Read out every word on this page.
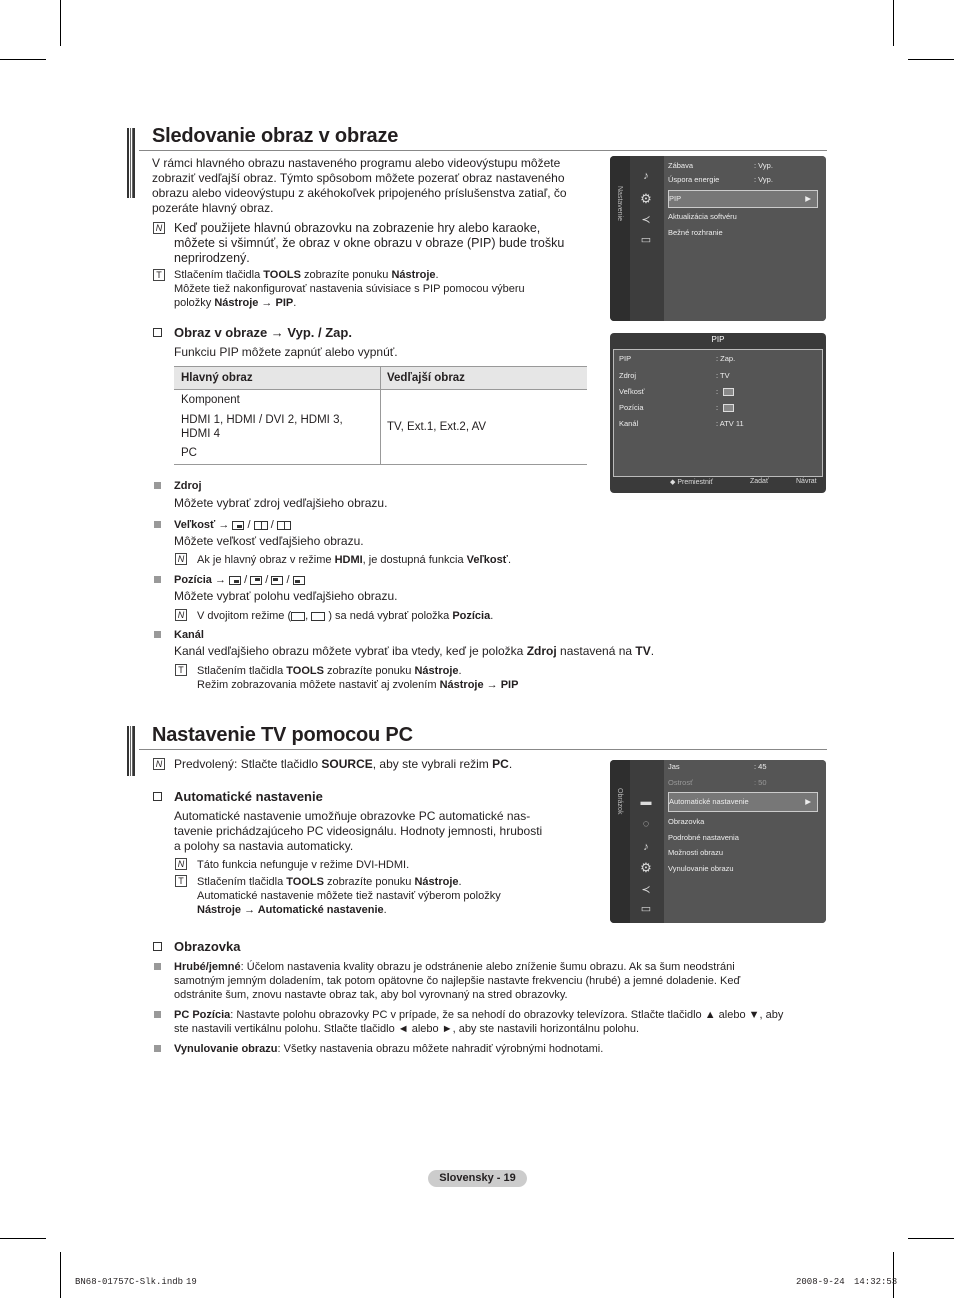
Sledovanie obraz v obraze
V rámci hlavného obrazu nastaveného programu alebo videovýstupu môžete
zobraziť vedľajší obraz. Týmto spôsobom môžete pozerať obraz nastaveného
obrazu alebo videovýstupu z akéhokoľvek pripojeného príslušenstva zatiaľ, čo
pozeráte hlavný obraz.
N Keď použijete hlavnú obrazovku na zobrazenie hry alebo karaoke,
môžete si všimnúť, že obraz v okne obrazu v obraze (PIP) bude trošku
neprirodzený.
T Stlačením tlačidla TOOLS zobrazíte ponuku Nástroje.
Môžete tiež nakonfigurovať nastavenia súvisiace s PIP pomocou výberu
položky Nástroje → PIP.
Obraz v obraze → Vyp. / Zap.
Funkciu PIP môžete zapnúť alebo vypnúť.
Hlavný obraz	Vedľajší obraz
Komponent
HDMI 1, HDMI / DVI 2, HDMI 3,
HDMI 4
PC
TV, Ext.1, Ext.2, AV
Zdroj
Môžete vybrať zdroj vedľajšieho obrazu.
Veľkosť → / /
Môžete veľkosť vedľajšieho obrazu.
N Ak je hlavný obraz v režime HDMI, je dostupná funkcia Veľkosť.
Pozícia → / / /
Môžete vybrať polohu vedľajšieho obrazu.
N V dvojitom režime ( ,  ) sa nedá vybrať položka Pozícia.
Kanál
Kanál vedľajšieho obrazu môžete vybrať iba vtedy, keď je položka Zdroj nastavená na TV.
T Stlačením tlačidla TOOLS zobrazíte ponuku Nástroje.
Režim zobrazovania môžete nastaviť aj zvolením Nástroje → PIP
Nastavenie
♪
⚙
≺
▭
Zábava	: Vyp.
Úspora energie	: Vyp.
PIP	▶
Aktualizácia softvéru
Bežné rozhranie
PIP
PIP	: Zap.
Zdroj	: TV
Veľkosť	:
Pozícia	:
Kanál	: ATV 11
◆ Premiestniť	Zadať	Návrat
Nastavenie TV pomocou PC
N Predvolený: Stlačte tlačidlo SOURCE, aby ste vybrali režim PC.
Automatické nastavenie
Automatické nastavenie umožňuje obrazovke PC automatické nas-
tavenie prichádzajúceho PC videosignálu. Hodnoty jemnosti, hrubosti
a polohy sa nastavia automaticky.
N Táto funkcia nefunguje v režime DVI-HDMI.
T Stlačením tlačidla TOOLS zobrazíte ponuku Nástroje.
Automatické nastavenie môžete tiež nastaviť výberom položky
Nástroje → Automatické nastavenie.
Obrazovka
Hrubé/jemné: Účelom nastavenia kvality obrazu je odstránenie alebo zníženie šumu obrazu. Ak sa šum neodstráni
samotným jemným doladením, tak potom opätovne čo najlepšie nastavte frekvenciu (hrubé) a jemné doladenie. Keď
odstránite šum, znovu nastavte obraz tak, aby bol vyrovnaný na stred obrazovky.
PC Pozícia: Nastavte polohu obrazovky PC v prípade, že sa nehodí do obrazovky televízora. Stlačte tlačidlo ▲ alebo ▼, aby
ste nastavili vertikálnu polohu. Stlačte tlačidlo ◄ alebo ►, aby ste nastavili horizontálnu polohu.
Vynulovanie obrazu: Všetky nastavenia obrazu môžete nahradiť výrobnými hodnotami.
Obrázok ▬
◌
♪
⚙
≺
▭
Jas	: 45
Ostrosť	: 50
Automatické nastavenie	▶
Obrazovka
Podrobné nastavenia
Možnosti obrazu
Vynulovanie obrazu
Slovensky - 19
BN68-01757C-Slk.indb 19	2008-9-24 14:32:53
